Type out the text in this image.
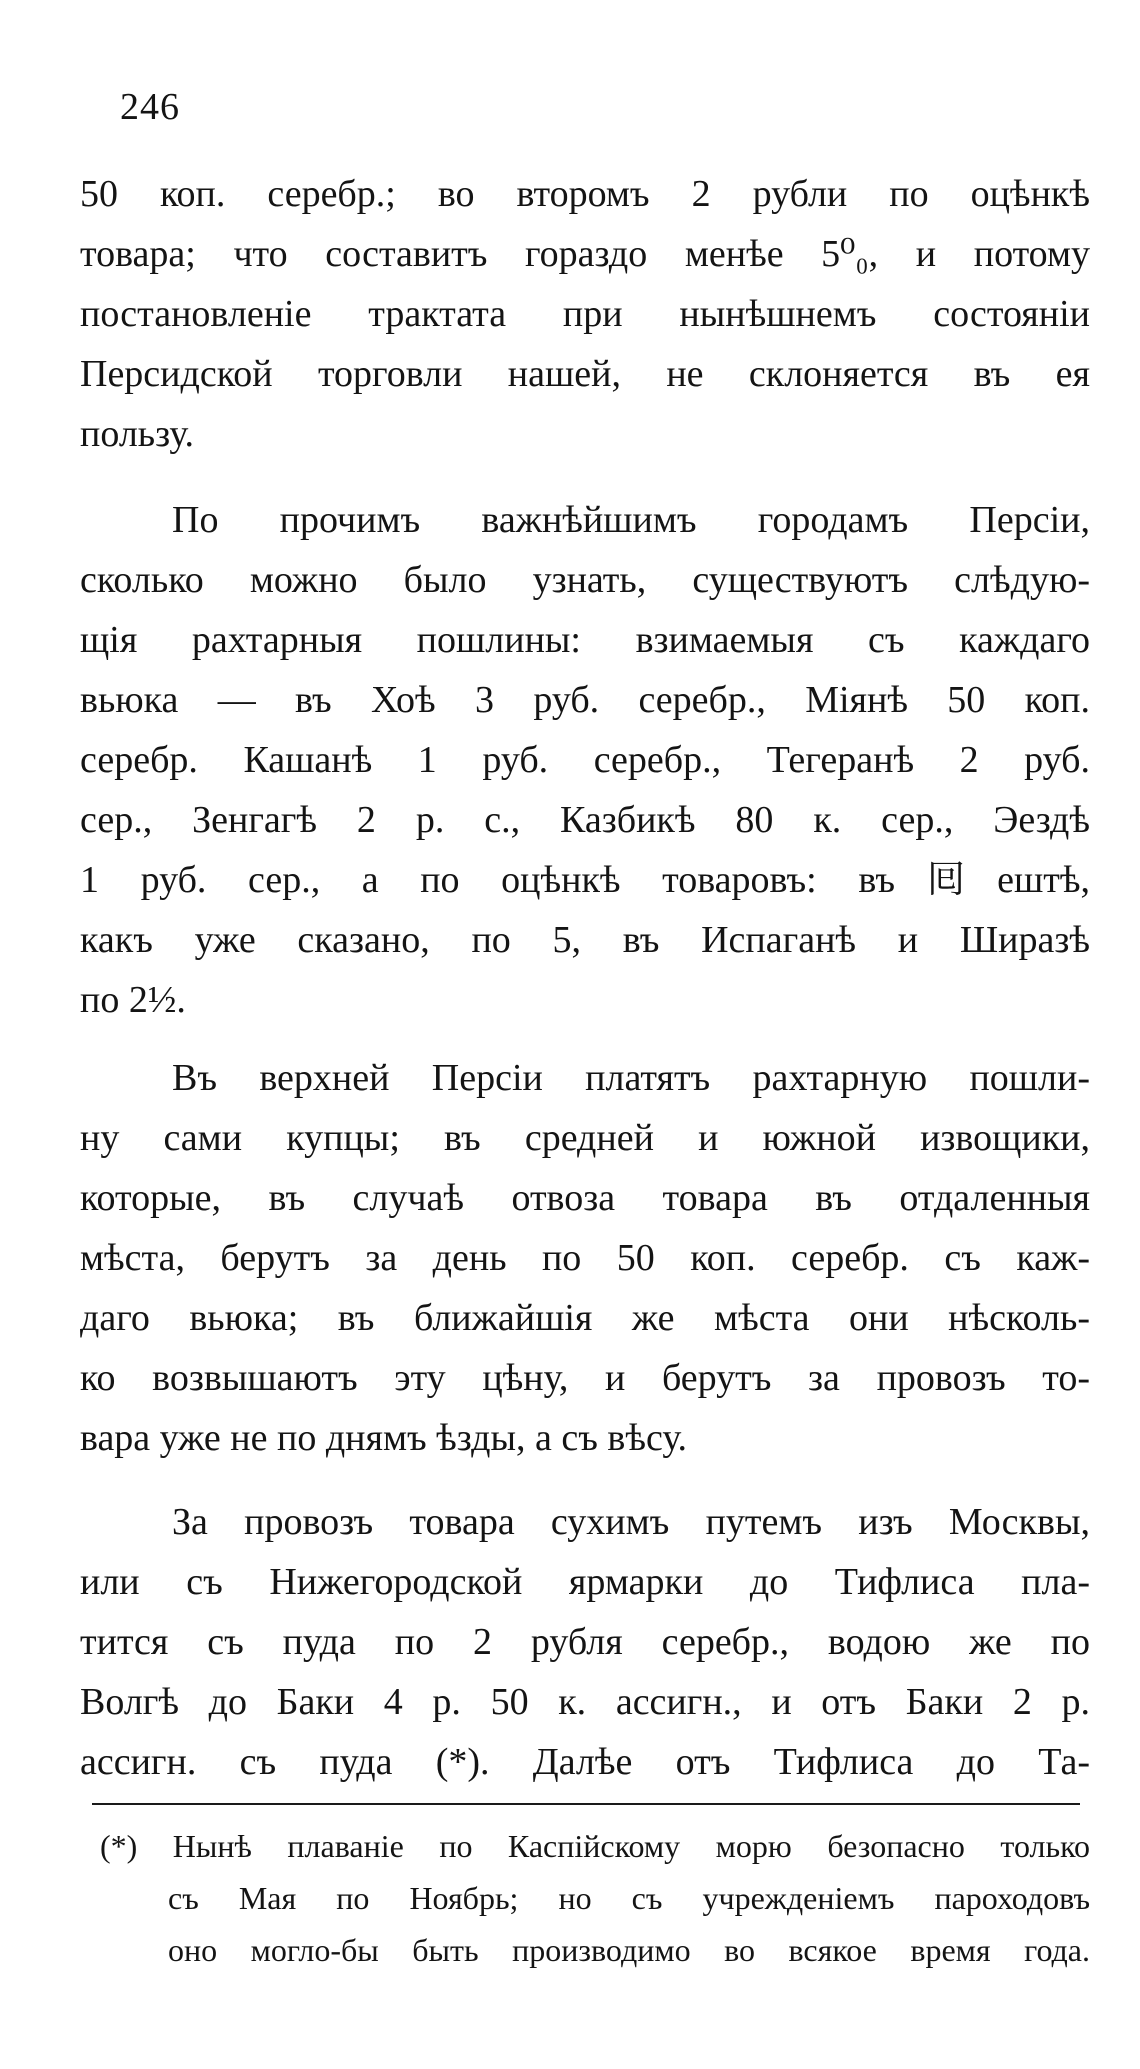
246
50 коп. серебр.; во второмъ 2 рубли по оцѣнкѣ
товара; что составитъ гораздо менѣе 5⁰₀, и потому
постановленіе трактата при нынѣшнемъ состояніи
Персидской торговли нашей, не склоняется въ ея
пользу.
По прочимъ важнѣйшимъ городамъ Персіи,
сколько можно было узнать, существуютъ слѣдую-
щія рахтарныя пошлины: взимаемыя съ каждаго
вьюка — въ Хоѣ 3 руб. серебр., Міянѣ 50 коп.
серебр. Кашанѣ 1 руб. серебр., Тегеранѣ 2 руб.
сер., Зенгагѣ 2 р. с., Казбикѣ 80 к. сер., Эездѣ
1 руб. сер., а по оцѣнкѣ товаровъ: въ囘ештѣ,
какъ уже сказано, по 5, въ Испаганѣ и Ширазѣ
по 2½.
Въ верхней Персіи платятъ рахтарную пошли-
ну сами купцы; въ средней и южной извощики,
которые, въ случаѣ отвоза товара въ отдаленныя
мѣста, берутъ за день по 50 коп. серебр. съ каж-
даго вьюка; въ ближайшія же мѣста они нѣсколь-
ко возвышаютъ эту цѣну, и берутъ за провозъ то-
вара уже не по днямъ ѣзды, а съ вѣсу.
За провозъ товара сухимъ путемъ изъ Москвы,
или съ Нижегородской ярмарки до Тифлиса пла-
тится съ пуда по 2 рубля серебр., водою же по
Волгѣ до Баки 4 р. 50 к. ассигн., и отъ Баки 2 р.
ассигн. съ пуда (*). Далѣе отъ Тифлиса до Та-
(*) Нынѣ плаваніе по Каспійскому морю безопасно только
съ Мая по Ноябрь; но съ учрежденіемъ пароходовъ
оно могло-бы быть производимо во всякое время года.
